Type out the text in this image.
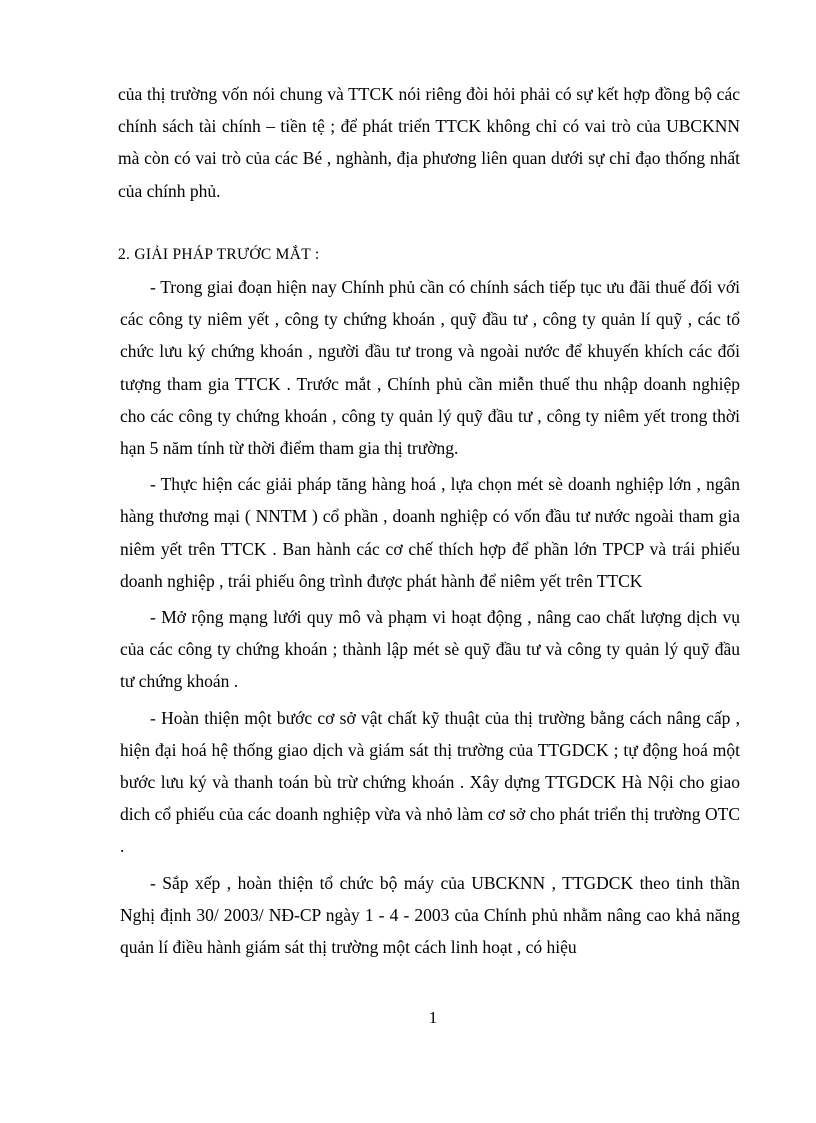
của thị trường vốn nói chung và TTCK nói riêng đòi hỏi phải có sự kết hợp đồng bộ các chính sách tài chính – tiền tệ ; để phát triển TTCK không chỉ có vai trò của UBCKNN mà còn có vai trò của các Bé , nghành, địa phương liên quan dưới sự chỉ đạo thống nhất của chính phủ.

2. GIẢI PHÁP TRƯỚC MẮT :

- Trong giai đoạn hiện nay Chính phủ cần có chính sách tiếp tục ưu đãi thuế đối với các công ty niêm yết , công ty chứng khoán , quỹ đầu tư , công ty quản lí quỹ , các tổ chức lưu ký chứng khoán , người đầu tư trong và ngoài nước để khuyến khích các đối tượng tham gia TTCK . Trước mắt , Chính phủ cần miễn thuế thu nhập doanh nghiệp cho các công ty chứng khoán , công ty quản lý quỹ đầu tư , công ty niêm yết trong thời hạn 5 năm tính từ thời điểm tham gia thị trường.

- Thực hiện các giải pháp tăng hàng hoá , lựa chọn mét sè doanh nghiệp lớn , ngân hàng thương mại ( NNTM ) cổ phần , doanh nghiệp có vốn đầu tư nước ngoài tham gia niêm yết trên TTCK . Ban hành các cơ chế thích hợp để phần lớn TPCP và trái phiếu doanh nghiệp , trái phiếu ông trình được phát hành để niêm yết trên TTCK

- Mở rộng mạng lưới quy mô và phạm vi hoạt động , nâng cao chất lượng dịch vụ của các công ty chứng khoán ; thành lập mét sè quỹ đầu tư và công ty quản lý quỹ đầu tư chứng khoán .

- Hoàn thiện một bước cơ sở vật chất kỹ thuật của thị trường bằng cách nâng cấp , hiện đại hoá hệ thống giao dịch và giám sát thị trường của TTGDCK ; tự động hoá một bước lưu ký và thanh toán bù trừ chứng khoán . Xây dựng TTGDCK Hà Nội cho giao dich cổ phiếu của các doanh nghiệp vừa và nhỏ làm cơ sở cho phát triển thị trường OTC .

- Sắp xếp , hoàn thiện tổ chức bộ máy của UBCKNN , TTGDCK theo tinh thần Nghị định 30/ 2003/ NĐ-CP ngày 1 - 4 - 2003 của Chính phủ nhằm nâng cao khả năng quản lí điều hành giám sát thị trường một cách linh hoạt , có hiệu

1
